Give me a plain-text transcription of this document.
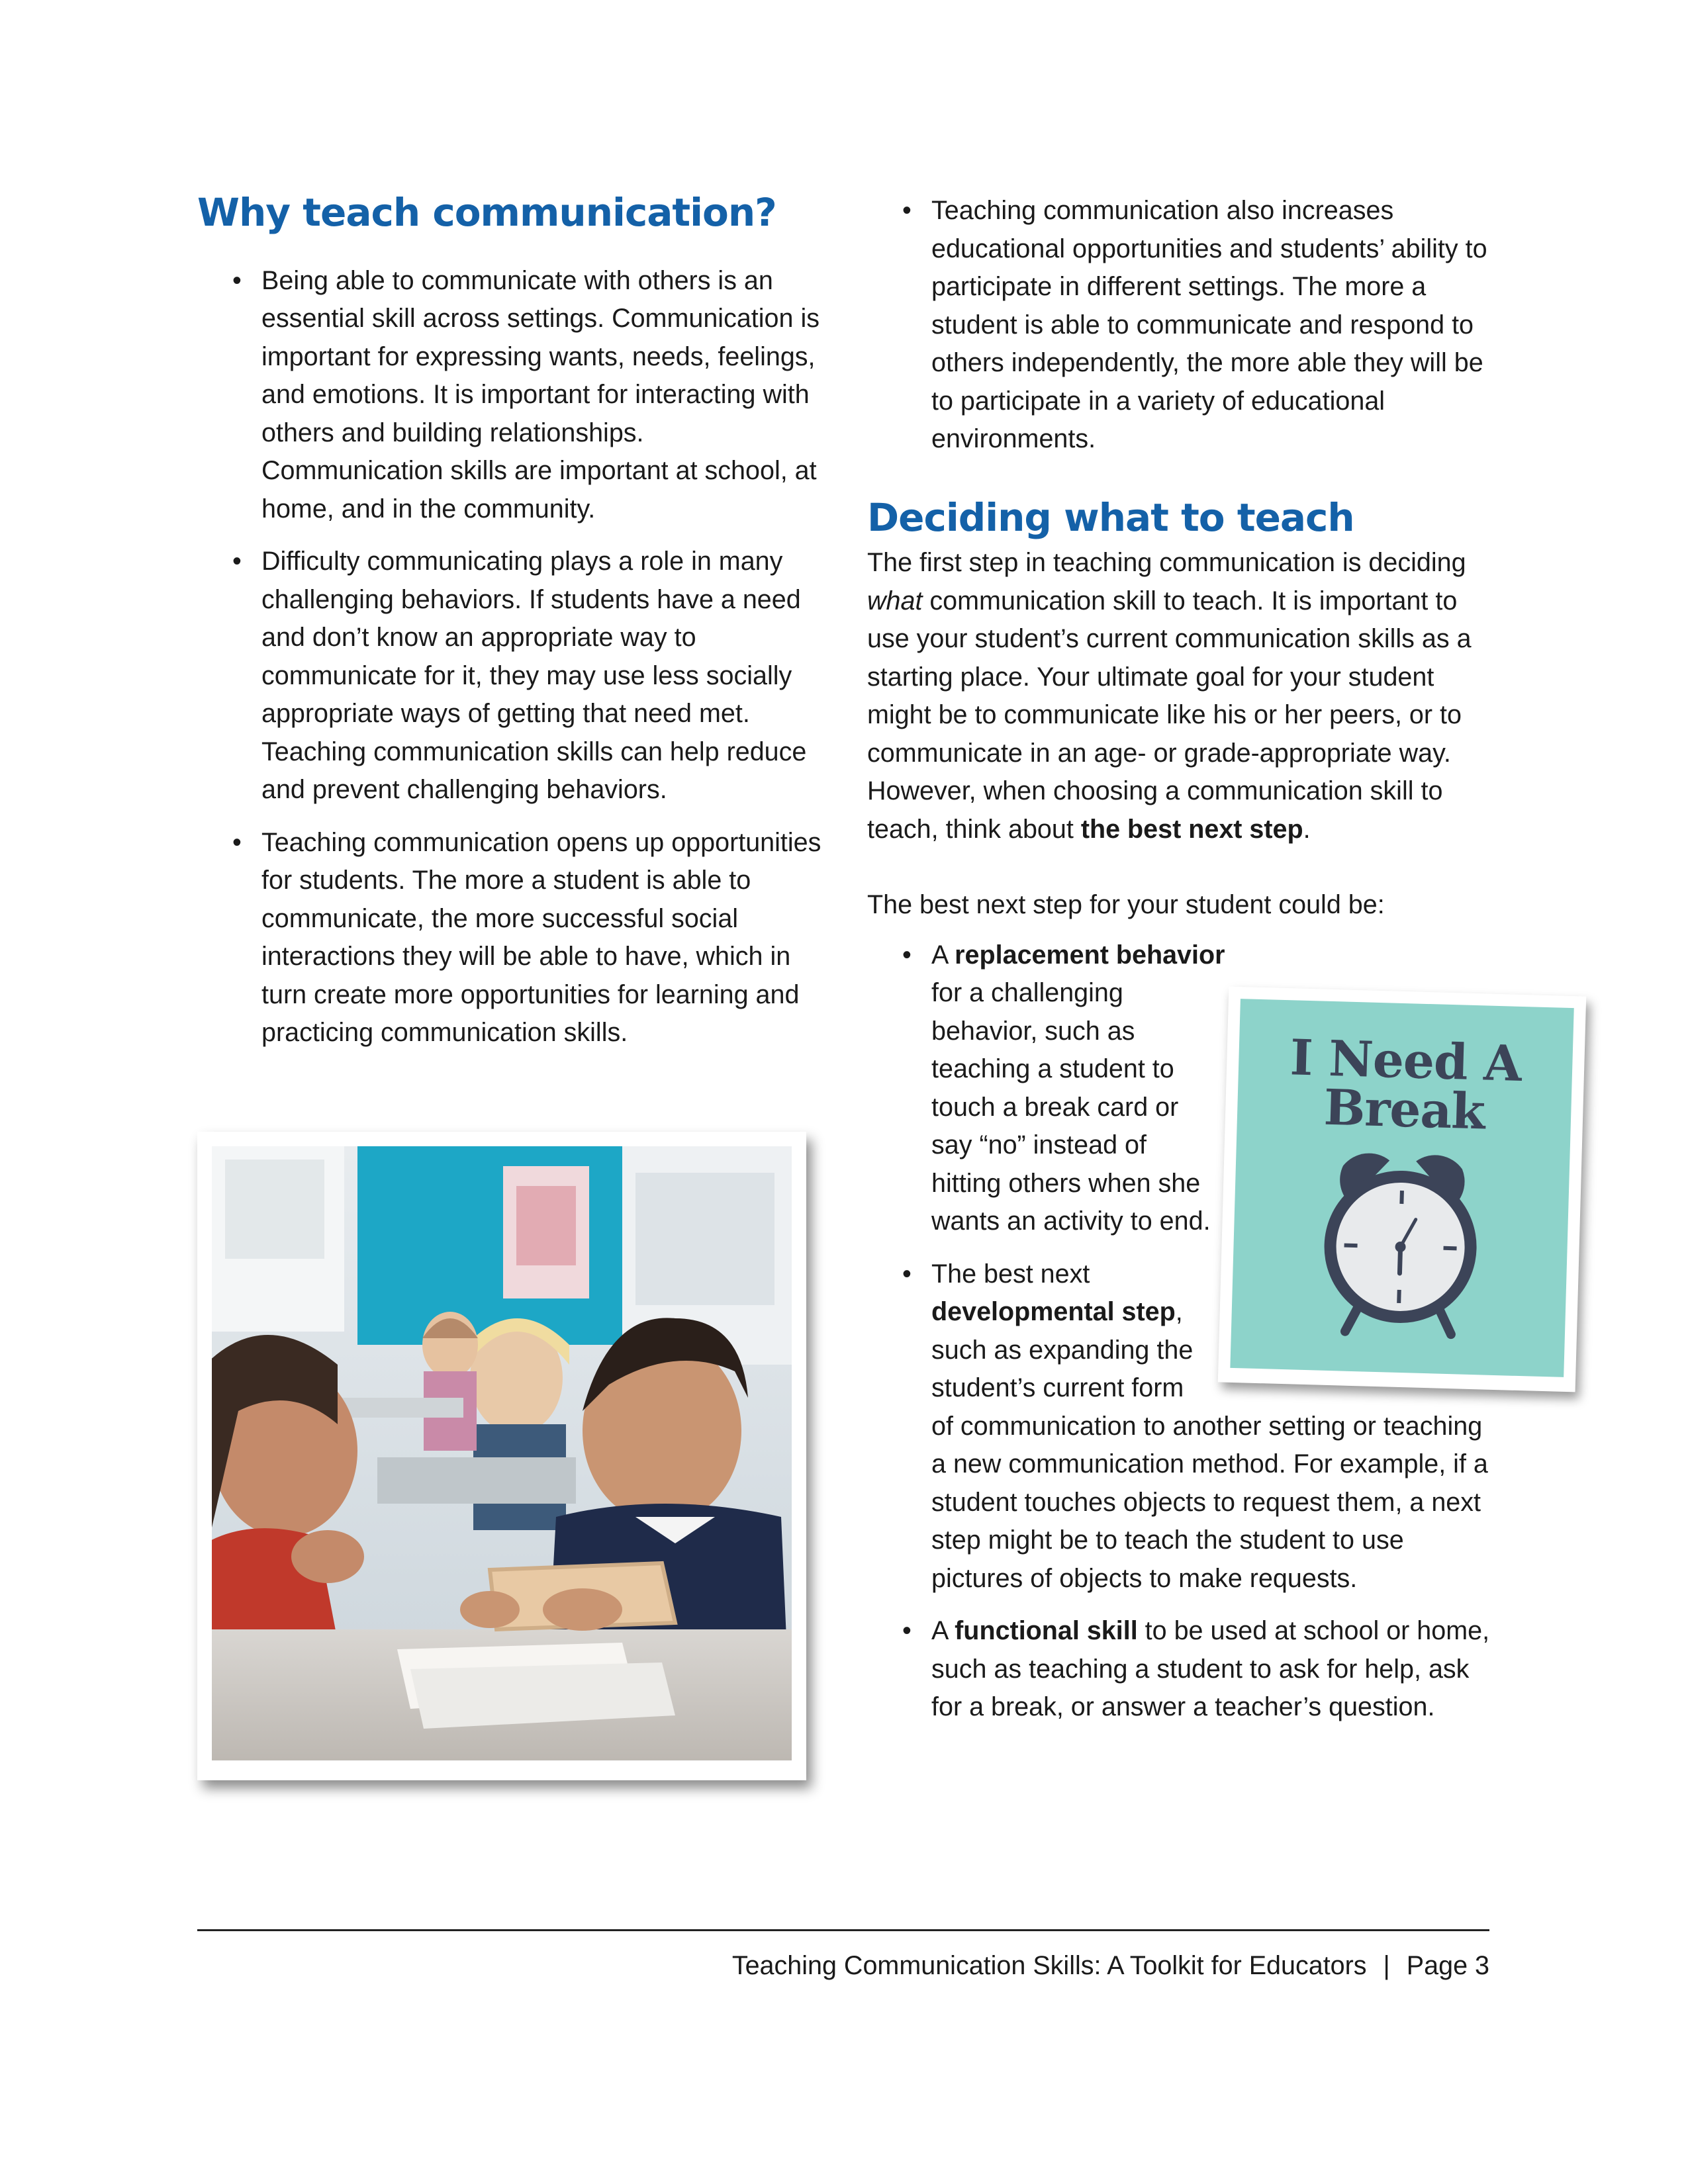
Why teach communication?
• Being able to communicate with others is an essential skill across settings. Communication is important for expressing wants, needs, feelings, and emotions. It is important for interacting with others and building relationships. Communication skills are important at school, at home, and in the community.
• Difficulty communicating plays a role in many challenging behaviors. If students have a need and don’t know an appropriate way to communicate for it, they may use less socially appropriate ways of getting that need met. Teaching communication skills can help reduce and prevent challenging behaviors.
• Teaching communication opens up opportunities for students. The more a student is able to communicate, the more successful social interactions they will be able to have, which in turn create more opportunities for learning and practicing communication skills.
• Teaching communication also increases educational opportunities and students’ ability to participate in different settings. The more a student is able to communicate and respond to others independently, the more able they will be to participate in a variety of educational environments.
Deciding what to teach

The first step in teaching communication is deciding what communication skill to teach. It is important to use your student’s current communication skills as a starting place. Your ultimate goal for your student might be to communicate like his or her peers, or to communicate in an age- or grade-appropriate way. However, when choosing a communication skill to teach, think about the best next step.

The best next step for your student could be:

• A replacement behavior
for a challenging
behavior, such as
teaching a student to
touch a break card or
say “no” instead of
hitting others when she
wants an activity to end.
• The best next
developmental step,
such as expanding the
student’s current form
of communication to another setting or teaching a new communication method. For example, if a student touches objects to request them, a next step might be to teach the student to use pictures of objects to make requests.
• A functional skill to be used at school or home, such as teaching a student to ask for help, ask for a break, or answer a teacher’s question.
I Need A
Break
Teaching Communication Skills: A Toolkit for Educators | Page 3
